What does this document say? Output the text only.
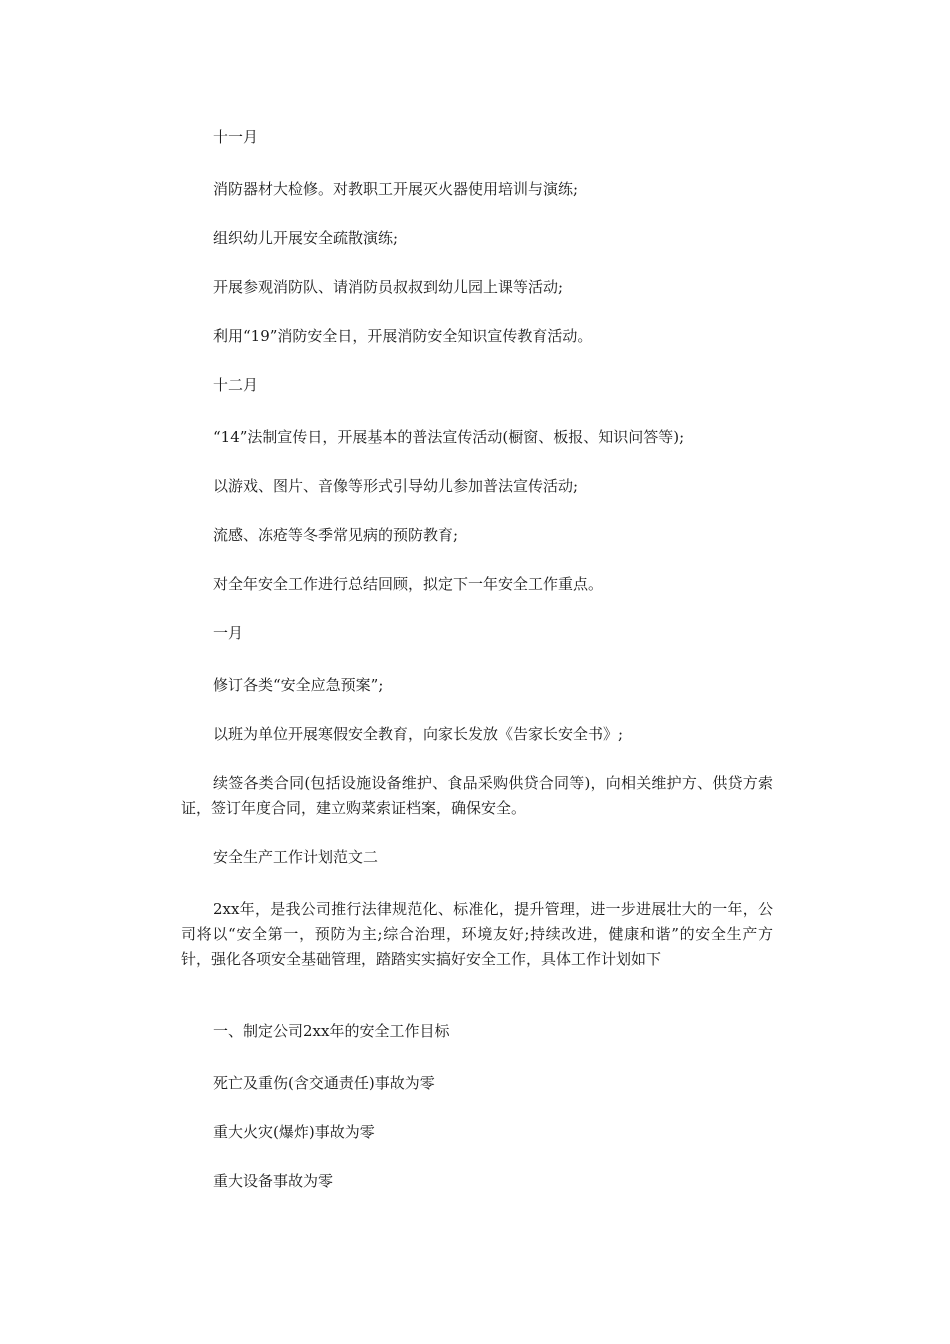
十一月

消防器材大检修。对教职工开展灭火器使用培训与演练;

组织幼儿开展安全疏散演练;

开展参观消防队、请消防员叔叔到幼儿园上课等活动;

利用“19”消防安全日，开展消防安全知识宣传教育活动。

十二月

“14”法制宣传日，开展基本的普法宣传活动(橱窗、板报、知识问答等);

以游戏、图片、音像等形式引导幼儿参加普法宣传活动;

流感、冻疮等冬季常见病的预防教育;

对全年安全工作进行总结回顾，拟定下一年安全工作重点。

一月

修订各类“安全应急预案”;

以班为单位开展寒假安全教育，向家长发放《告家长安全书》;

续签各类合同(包括设施设备维护、食品采购供贷合同等)，向相关维护方、供贷方索证，签订年度合同，建立购菜索证档案，确保安全。

安全生产工作计划范文二

2xx年，是我公司推行法律规范化、标准化，提升管理，进一步进展壮大的一年，公司将以“安全第一，预防为主;综合治理，环境友好;持续改进，健康和谐”的安全生产方针，强化各项安全基础管理，踏踏实实搞好安全工作，具体工作计划如下

一、制定公司2xx年的安全工作目标

死亡及重伤(含交通责任)事故为零

重大火灾(爆炸)事故为零

重大设备事故为零
